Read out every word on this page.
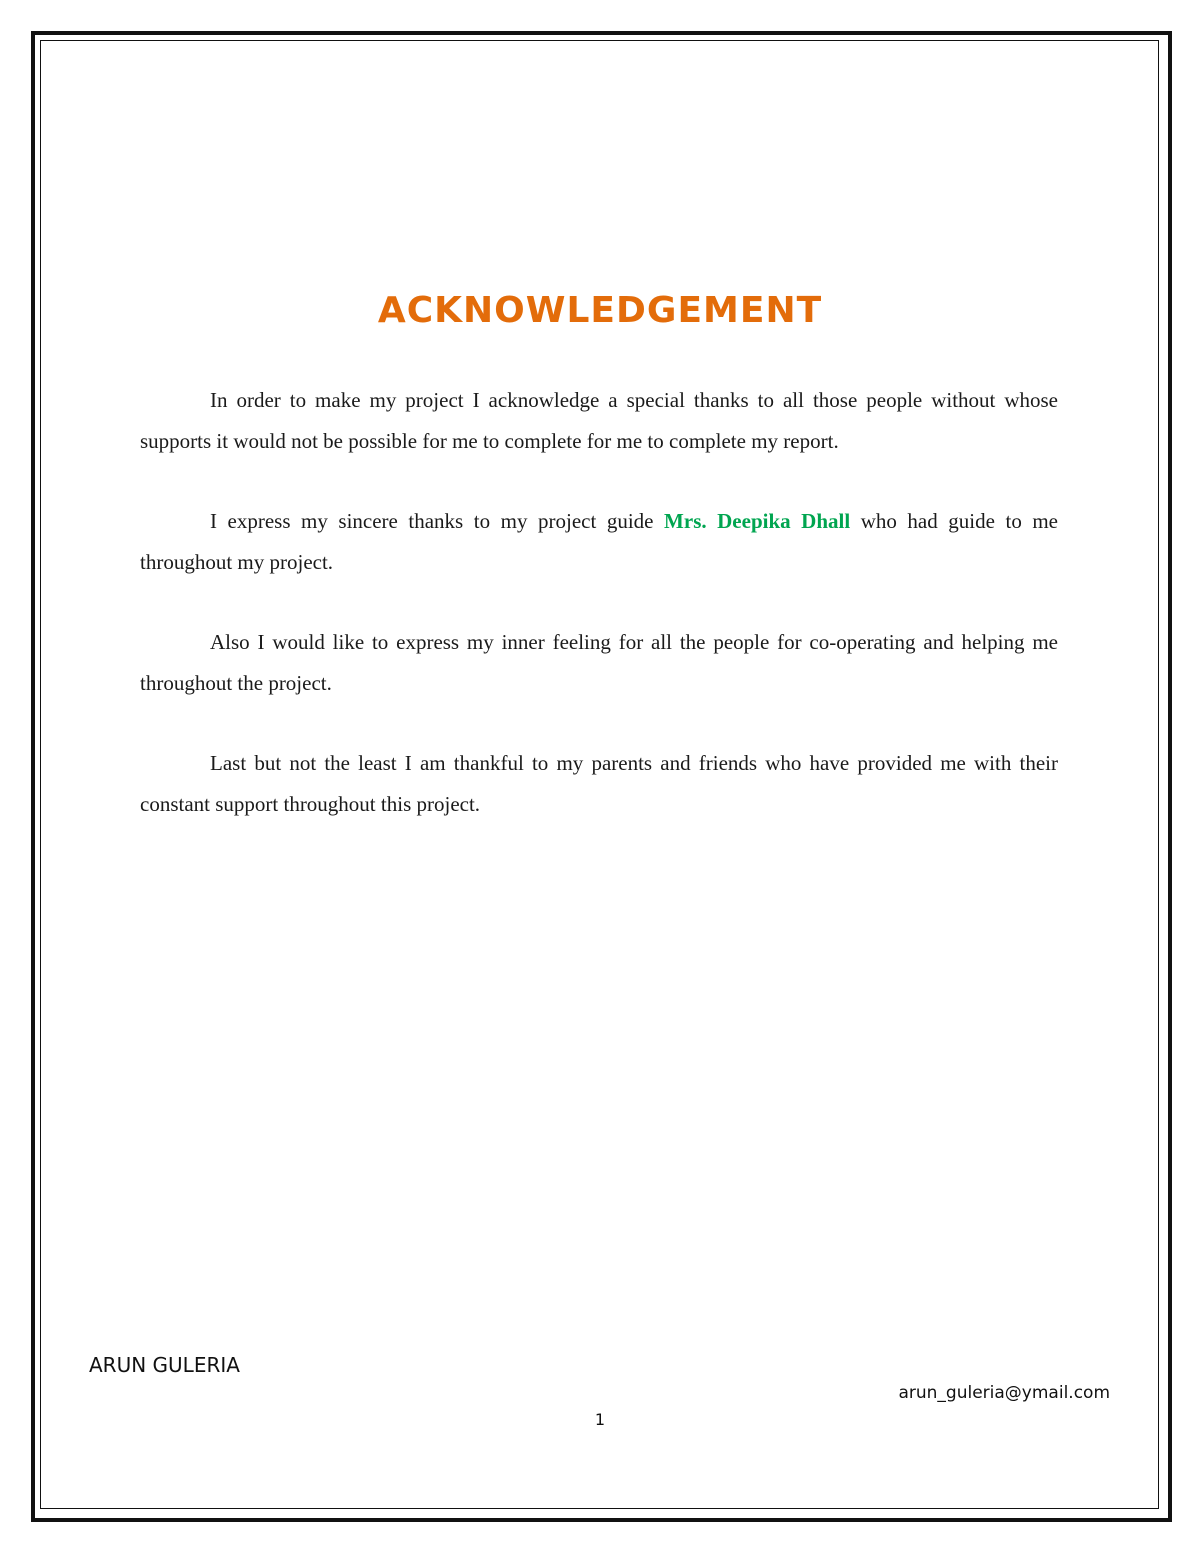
ACKNOWLEDGEMENT

In order to make my project I acknowledge a special thanks to all those people without whose supports it would not be possible for me to complete for me to complete my report.

I express my sincere thanks to my project guide Mrs. Deepika Dhall who had guide to me throughout my project.

Also I would like to express my inner feeling for all the people for co-operating and helping me throughout the project.

Last but not the least I am thankful to my parents and friends who have provided me with their constant support throughout this project.

ARUN GULERIA
arun_guleria@ymail.com
1
